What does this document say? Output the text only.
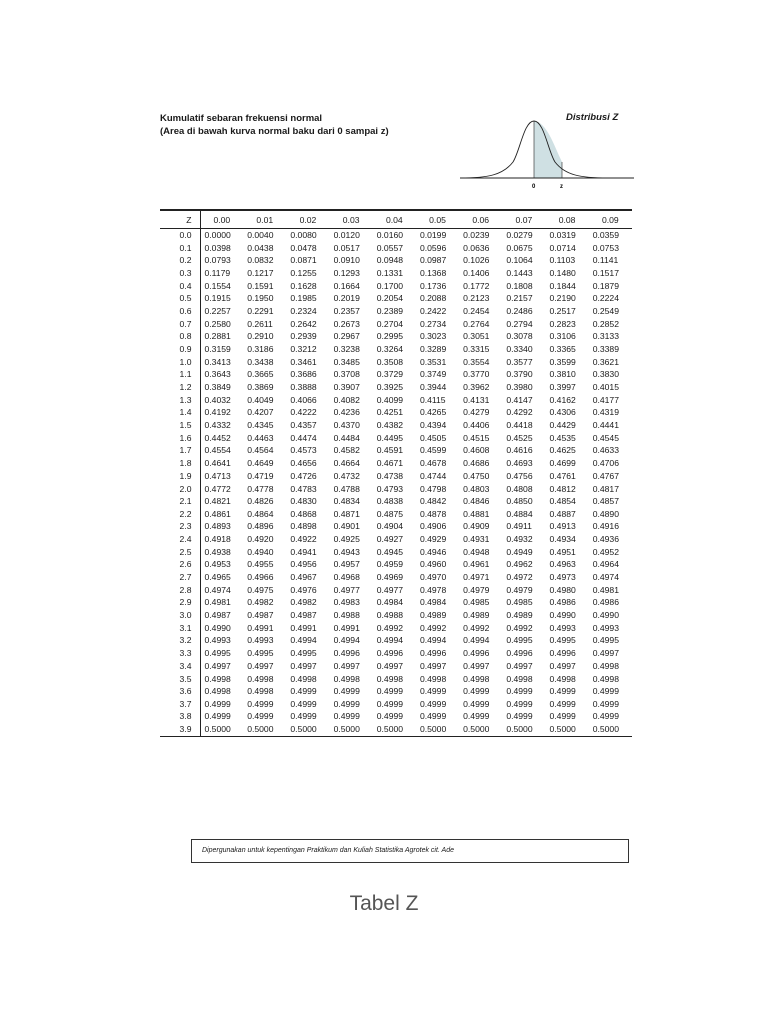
Kumulatif sebaran frekuensi normal
(Area di bawah kurva normal baku dari 0 sampai z)
Distribusi Z
0	z
Z	0.00	0.01	0.02	0.03	0.04	0.05	0.06	0.07	0.08	0.09
0.0	0.0000	0.0040	0.0080	0.0120	0.0160	0.0199	0.0239	0.0279	0.0319	0.0359
0.1	0.0398	0.0438	0.0478	0.0517	0.0557	0.0596	0.0636	0.0675	0.0714	0.0753
0.2	0.0793	0.0832	0.0871	0.0910	0.0948	0.0987	0.1026	0.1064	0.1103	0.1141
0.3	0.1179	0.1217	0.1255	0.1293	0.1331	0.1368	0.1406	0.1443	0.1480	0.1517
0.4	0.1554	0.1591	0.1628	0.1664	0.1700	0.1736	0.1772	0.1808	0.1844	0.1879
0.5	0.1915	0.1950	0.1985	0.2019	0.2054	0.2088	0.2123	0.2157	0.2190	0.2224
0.6	0.2257	0.2291	0.2324	0.2357	0.2389	0.2422	0.2454	0.2486	0.2517	0.2549
0.7	0.2580	0.2611	0.2642	0.2673	0.2704	0.2734	0.2764	0.2794	0.2823	0.2852
0.8	0.2881	0.2910	0.2939	0.2967	0.2995	0.3023	0.3051	0.3078	0.3106	0.3133
0.9	0.3159	0.3186	0.3212	0.3238	0.3264	0.3289	0.3315	0.3340	0.3365	0.3389
1.0	0.3413	0.3438	0.3461	0.3485	0.3508	0.3531	0.3554	0.3577	0.3599	0.3621
1.1	0.3643	0.3665	0.3686	0.3708	0.3729	0.3749	0.3770	0.3790	0.3810	0.3830
1.2	0.3849	0.3869	0.3888	0.3907	0.3925	0.3944	0.3962	0.3980	0.3997	0.4015
1.3	0.4032	0.4049	0.4066	0.4082	0.4099	0.4115	0.4131	0.4147	0.4162	0.4177
1.4	0.4192	0.4207	0.4222	0.4236	0.4251	0.4265	0.4279	0.4292	0.4306	0.4319
1.5	0.4332	0.4345	0.4357	0.4370	0.4382	0.4394	0.4406	0.4418	0.4429	0.4441
1.6	0.4452	0.4463	0.4474	0.4484	0.4495	0.4505	0.4515	0.4525	0.4535	0.4545
1.7	0.4554	0.4564	0.4573	0.4582	0.4591	0.4599	0.4608	0.4616	0.4625	0.4633
1.8	0.4641	0.4649	0.4656	0.4664	0.4671	0.4678	0.4686	0.4693	0.4699	0.4706
1.9	0.4713	0.4719	0.4726	0.4732	0.4738	0.4744	0.4750	0.4756	0.4761	0.4767
2.0	0.4772	0.4778	0.4783	0.4788	0.4793	0.4798	0.4803	0.4808	0.4812	0.4817
2.1	0.4821	0.4826	0.4830	0.4834	0.4838	0.4842	0.4846	0.4850	0.4854	0.4857
2.2	0.4861	0.4864	0.4868	0.4871	0.4875	0.4878	0.4881	0.4884	0.4887	0.4890
2.3	0.4893	0.4896	0.4898	0.4901	0.4904	0.4906	0.4909	0.4911	0.4913	0.4916
2.4	0.4918	0.4920	0.4922	0.4925	0.4927	0.4929	0.4931	0.4932	0.4934	0.4936
2.5	0.4938	0.4940	0.4941	0.4943	0.4945	0.4946	0.4948	0.4949	0.4951	0.4952
2.6	0.4953	0.4955	0.4956	0.4957	0.4959	0.4960	0.4961	0.4962	0.4963	0.4964
2.7	0.4965	0.4966	0.4967	0.4968	0.4969	0.4970	0.4971	0.4972	0.4973	0.4974
2.8	0.4974	0.4975	0.4976	0.4977	0.4977	0.4978	0.4979	0.4979	0.4980	0.4981
2.9	0.4981	0.4982	0.4982	0.4983	0.4984	0.4984	0.4985	0.4985	0.4986	0.4986
3.0	0.4987	0.4987	0.4987	0.4988	0.4988	0.4989	0.4989	0.4989	0.4990	0.4990
3.1	0.4990	0.4991	0.4991	0.4991	0.4992	0.4992	0.4992	0.4992	0.4993	0.4993
3.2	0.4993	0.4993	0.4994	0.4994	0.4994	0.4994	0.4994	0.4995	0.4995	0.4995
3.3	0.4995	0.4995	0.4995	0.4996	0.4996	0.4996	0.4996	0.4996	0.4996	0.4997
3.4	0.4997	0.4997	0.4997	0.4997	0.4997	0.4997	0.4997	0.4997	0.4997	0.4998
3.5	0.4998	0.4998	0.4998	0.4998	0.4998	0.4998	0.4998	0.4998	0.4998	0.4998
3.6	0.4998	0.4998	0.4999	0.4999	0.4999	0.4999	0.4999	0.4999	0.4999	0.4999
3.7	0.4999	0.4999	0.4999	0.4999	0.4999	0.4999	0.4999	0.4999	0.4999	0.4999
3.8	0.4999	0.4999	0.4999	0.4999	0.4999	0.4999	0.4999	0.4999	0.4999	0.4999
3.9	0.5000	0.5000	0.5000	0.5000	0.5000	0.5000	0.5000	0.5000	0.5000	0.5000
Dipergunakan untuk kepentingan Praktikum dan Kuliah Statistika Agrotek cit. Ade
Tabel Z
